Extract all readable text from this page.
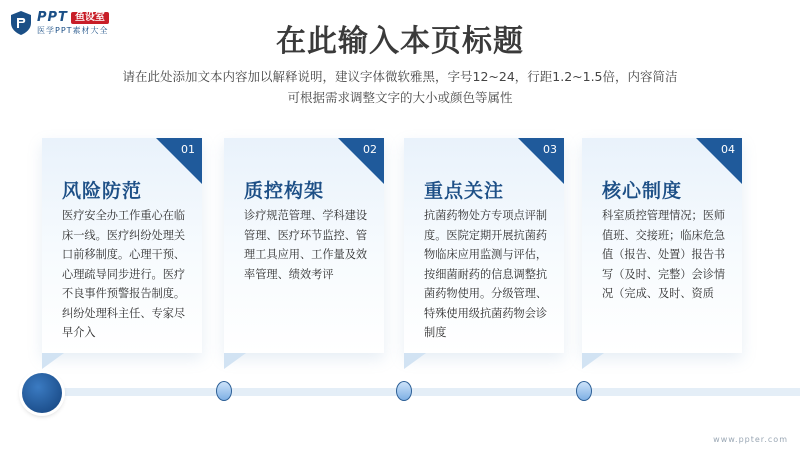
PPT 鱼设室
医学PPT素材大全	在此输入本页标题
请在此处添加文本内容加以解释说明，建议字体微软雅黑，字号12~24，行距1.2~1.5倍，内容简洁
可根据需求调整文字的大小或颜色等属性
01
风险防范
医疗安全办工作重心在临床一线。医疗纠纷处理关口前移制度。心理干预、心理疏导同步进行。医疗不良事件预警报告制度。纠纷处理科主任、专家尽早介入
02
质控构架
诊疗规范管理、学科建设管理、医疗环节监控、管理工具应用、工作量及效率管理、绩效考评
03
重点关注
抗菌药物处方专项点评制度。医院定期开展抗菌药物临床应用监测与评估，按细菌耐药的信息调整抗菌药物使用。分级管理、特殊使用级抗菌药物会诊制度
04
核心制度
科室质控管理情况；医师值班、交接班；临床危急值（报告、处置）报告书写（及时、完整）会诊情况（完成、及时、资质
www.ppter.com
